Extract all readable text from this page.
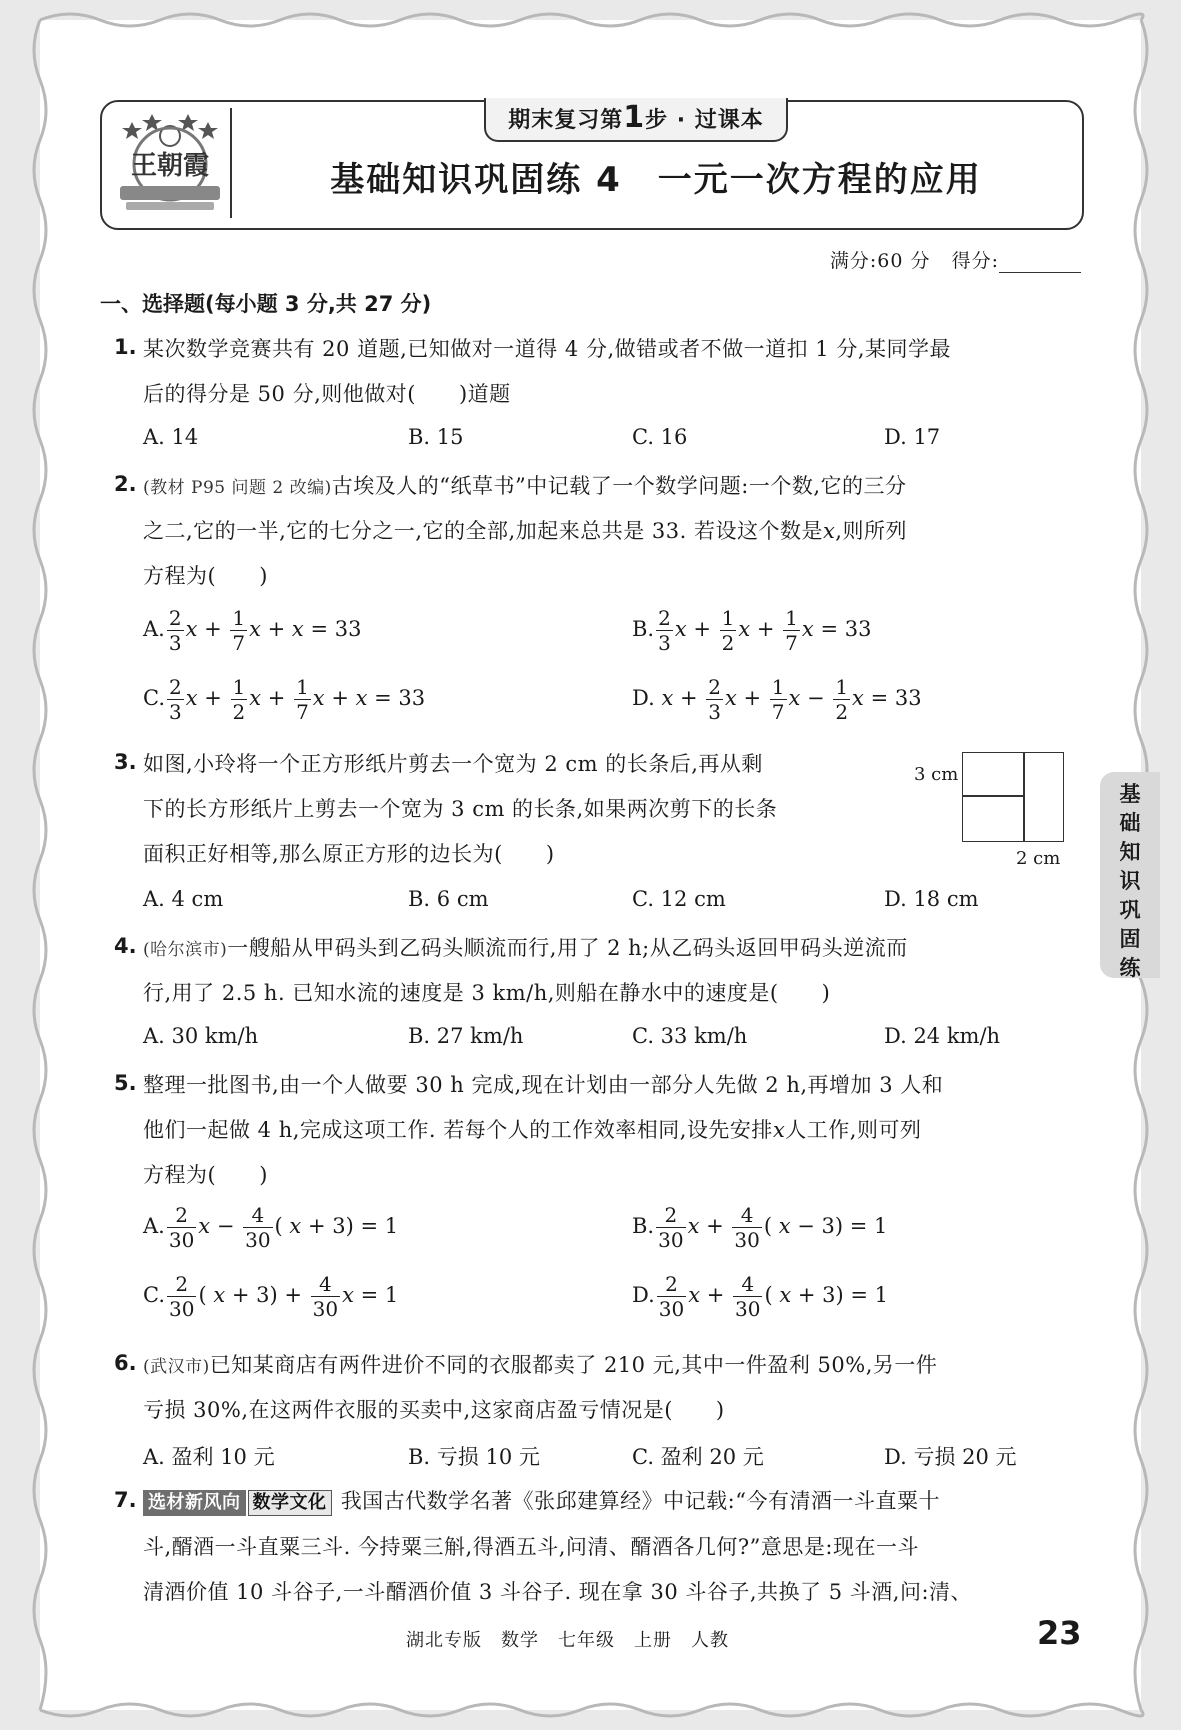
王朝霞
期末复习第1步 · 过课本
基础知识巩固练 4　一元一次方程的应用
满分:60 分 得分:
一、选择题(每小题 3 分,共 27 分)
1. 某次数学竞赛共有 20 道题,已知做对一道得 4 分,做错或者不做一道扣 1 分,某同学最
后的得分是 50 分,则他做对(　　)道题
A. 14	B. 15	C. 16	D. 17
2. (教材 P95 问题 2 改编)古埃及人的“纸草书”中记载了一个数学问题:一个数,它的三分
之二,它的一半,它的七分之一,它的全部,加起来总共是 33. 若设这个数是x,则所列
方程为(　　)
A. $\frac{2}{3}$ $x + \frac{1}{7}$ x + x = 33	B. $\frac{2}{3}$ $x + \frac{1}{2}$ $x + \frac{1}{7}$ x = 33
C. $\frac{2}{3}$ $x + \frac{1}{2}$ $x + \frac{1}{7}$ x + x = 33	D. $x + \frac{2}{3}$ $x + \frac{1}{7}$ $x - \frac{1}{2}$ x = 33
3. 如图,小玲将一个正方形纸片剪去一个宽为 2 cm 的长条后,再从剩
下的长方形纸片上剪去一个宽为 3 cm 的长条,如果两次剪下的长条
面积正好相等,那么原正方形的边长为(　　)
3 cm
2 cm
A. 4 cm	B. 6 cm	C. 12 cm	D. 18 cm
基础知识巩固练
4. (哈尔滨市)一艘船从甲码头到乙码头顺流而行,用了 2 h;从乙码头返回甲码头逆流而
行,用了 2.5 h. 已知水流的速度是 3 km/h,则船在静水中的速度是(　　)
A. 30 km/h	B. 27 km/h	C. 33 km/h	D. 24 km/h
5. 整理一批图书,由一个人做要 30 h 完成,现在计划由一部分人先做 2 h,再增加 3 人和
他们一起做 4 h,完成这项工作. 若每个人的工作效率相同,设先安排x人工作,则可列
方程为(　　)
A. $\frac{2}{30}$ $x - \frac{4}{30}$ ( x + 3) = 1	B. $\frac{2}{30}$ $x + \frac{4}{30}$ ( x − 3) = 1
C. $\frac{2}{30}$ ( $x + 3) + \frac{4}{30}$ x = 1	D. $\frac{2}{30}$ $x + \frac{4}{30}$ ( x + 3) = 1
6. (武汉市)已知某商店有两件进价不同的衣服都卖了 210 元,其中一件盈利 50%,另一件
亏损 30%,在这两件衣服的买卖中,这家商店盈亏情况是(　　)
A. 盈利 10 元	B. 亏损 10 元	C. 盈利 20 元	D. 亏损 20 元
7. 选材新风向 数学文化 我国古代数学名著《张邱建算经》中记载:“今有清酒一斗直粟十
斗,醑酒一斗直粟三斗. 今持粟三斛,得酒五斗,问清、醑酒各几何?”意思是:现在一斗
清酒价值 10 斗谷子,一斗醑酒价值 3 斗谷子. 现在拿 30 斗谷子,共换了 5 斗酒,问:清、
湖北专版　数学　七年级　上册　人教	23
